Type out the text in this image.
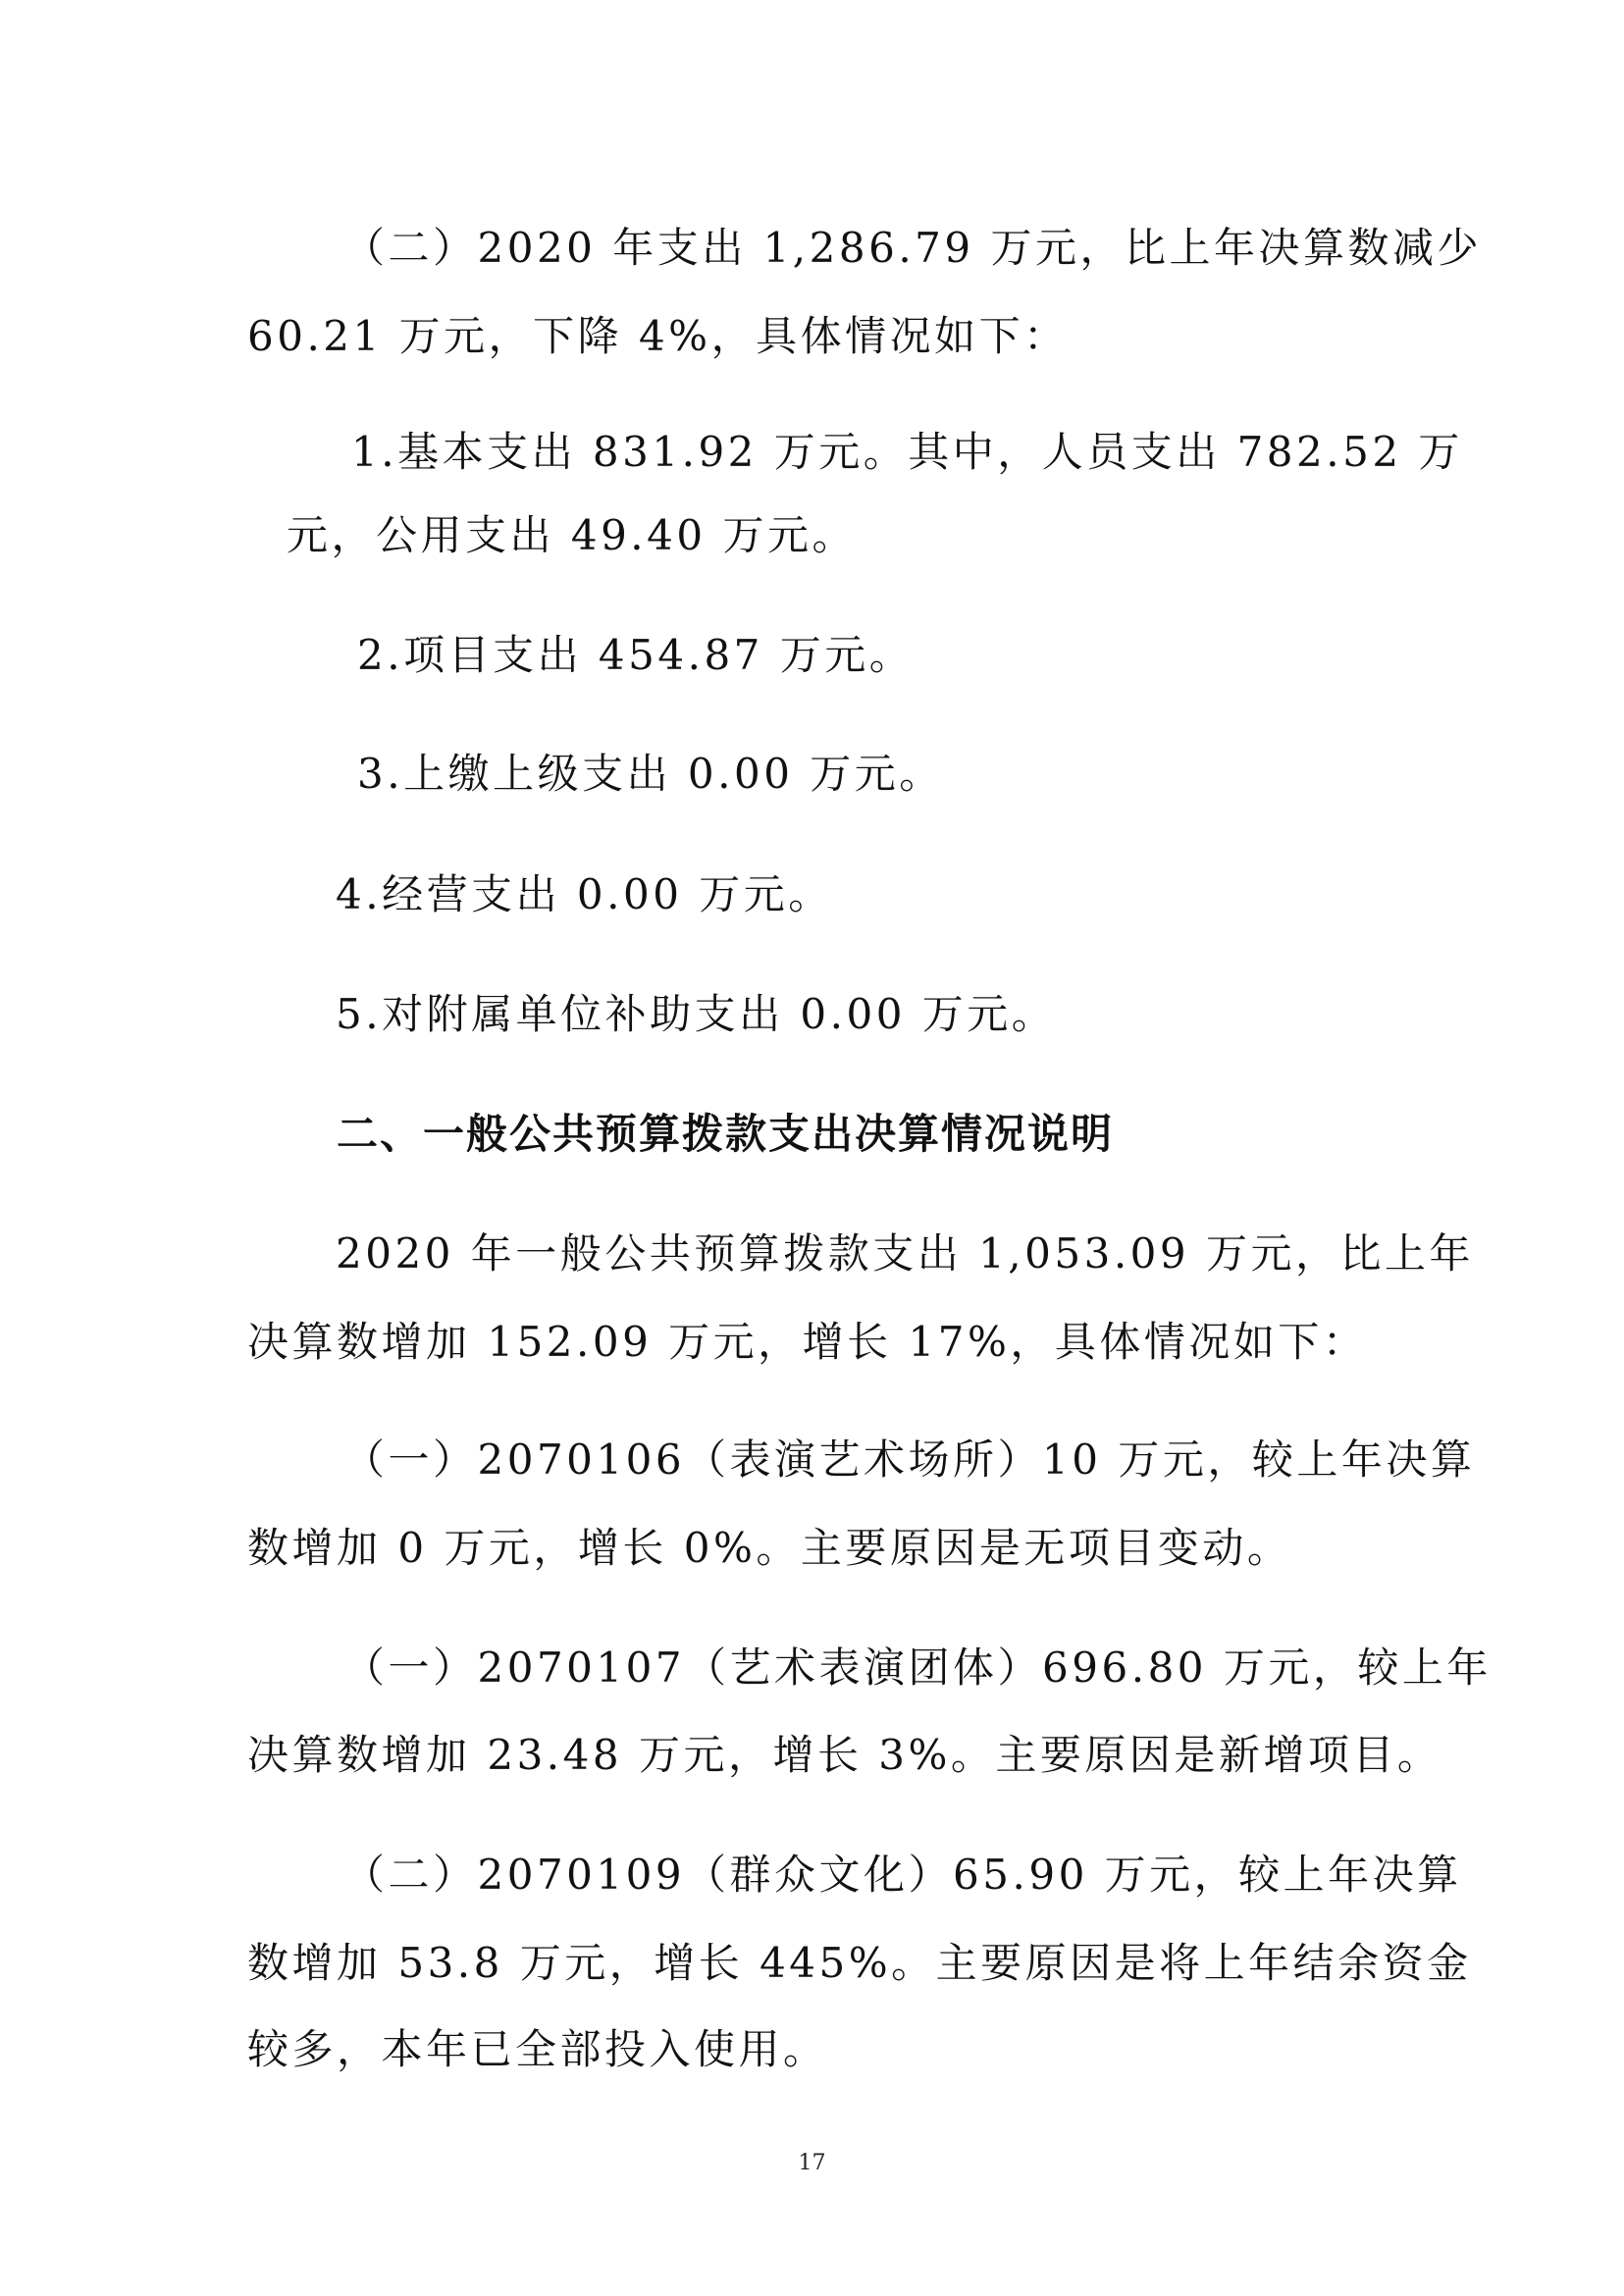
（二）2020 年支出 1,286.79 万元，比上年决算数减少
60.21 万元，下降 4%，具体情况如下：
1.基本支出 831.92 万元。其中，人员支出 782.52 万
元，公用支出 49.40 万元。
2.项目支出 454.87 万元。
3.上缴上级支出 0.00 万元。
4.经营支出 0.00 万元。
5.对附属单位补助支出 0.00 万元。
二、一般公共预算拨款支出决算情况说明
2020 年一般公共预算拨款支出 1,053.09 万元，比上年
决算数增加 152.09 万元，增长 17%，具体情况如下：
（一）2070106（表演艺术场所）10 万元，较上年决算
数增加 0 万元，增长 0%。主要原因是无项目变动。
（一）2070107（艺术表演团体）696.80 万元，较上年
决算数增加 23.48 万元，增长 3%。主要原因是新增项目。
（二）2070109（群众文化）65.90 万元，较上年决算
数增加 53.8 万元，增长 445%。主要原因是将上年结余资金
较多，本年已全部投入使用。
17
